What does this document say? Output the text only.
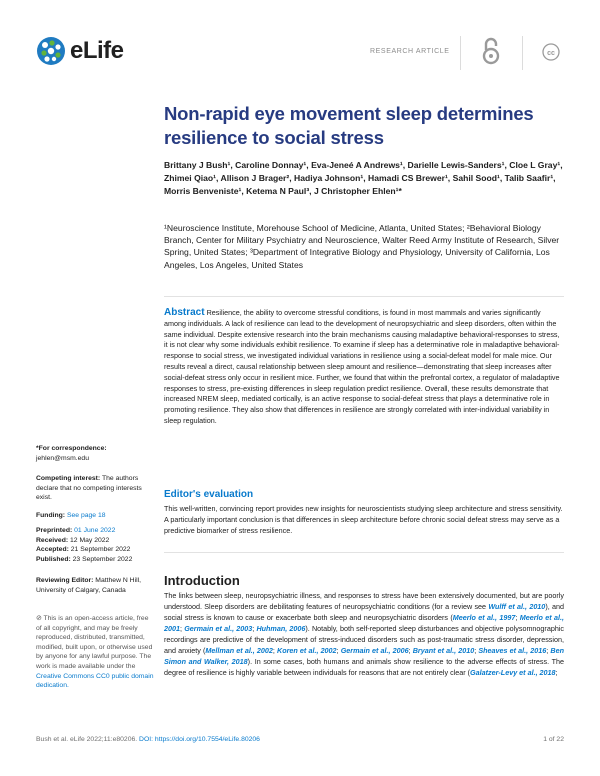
eLife	RESEARCH ARTICLE	cc
Non-rapid eye movement sleep determines resilience to social stress
Brittany J Bush¹, Caroline Donnay¹, Eva-Jeneé A Andrews¹, Darielle Lewis-Sanders¹, Cloe L Gray¹, Zhimei Qiao¹, Allison J Brager², Hadiya Johnson¹, Hamadi CS Brewer¹, Sahil Sood¹, Talib Saafir¹, Morris Benveniste¹, Ketema N Paul³, J Christopher Ehlen¹*
¹Neuroscience Institute, Morehouse School of Medicine, Atlanta, United States; ²Behavioral Biology Branch, Center for Military Psychiatry and Neuroscience, Walter Reed Army Institute of Research, Silver Spring, United States; ³Department of Integrative Biology and Physiology, University of California, Los Angeles, Los Angeles, United States
Abstract Resilience, the ability to overcome stressful conditions, is found in most mammals and varies significantly among individuals. A lack of resilience can lead to the development of neuropsychiatric and sleep disorders, often within the same individual. Despite extensive research into the brain mechanisms causing maladaptive behavioral-responses to stress, it is not clear why some individuals exhibit resilience. To examine if sleep has a determinative role in maladaptive behavioral-response to social stress, we investigated individual variations in resilience using a social-defeat model for male mice. Our results reveal a direct, causal relationship between sleep amount and resilience—demonstrating that sleep increases after social-defeat stress only occur in resilient mice. Further, we found that within the prefrontal cortex, a regulator of maladaptive responses to stress, pre-existing differences in sleep regulation predict resilience. Overall, these results demonstrate that increased NREM sleep, mediated cortically, is an active response to social-defeat stress that plays a determinative role in promoting resilience. They also show that differences in resilience are strongly correlated with inter-individual variability in sleep regulation.
Editor's evaluation
This well-written, convincing report provides new insights for neuroscientists studying sleep architecture and stress sensitivity. A particularly important conclusion is that differences in sleep architecture before chronic social defeat stress may serve as a predictive biomarker of stress resilience.
Introduction
The links between sleep, neuropsychiatric illness, and responses to stress have been extensively documented, but are poorly understood. Sleep disorders are debilitating features of neuropsychiatric conditions (for a review see Wulff et al., 2010), and social stress is known to cause or exacerbate both sleep and neuropsychiatric disorders (Meerlo et al., 1997; Meerlo et al., 2001; Germain et al., 2003; Huhman, 2006). Notably, both self-reported sleep disturbances and objective polysomnographic recordings are predictive of the development of stress-induced disorders such as post-traumatic stress disorder, depression, and anxiety (Mellman et al., 2002; Koren et al., 2002; Germain et al., 2006; Bryant et al., 2010; Sheaves et al., 2016; Ben Simon and Walker, 2018). In some cases, both humans and animals show resilience to the adverse effects of stress. The degree of resilience is highly variable between individuals for reasons that are not entirely clear (Galatzer-Levy et al., 2018;
*For correspondence:
jehlen@msm.edu
Competing interest: The authors declare that no competing interests exist.
Funding: See page 18
Preprinted: 01 June 2022
Received: 12 May 2022
Accepted: 21 September 2022
Published: 23 September 2022
Reviewing Editor: Matthew N Hill, University of Calgary, Canada
⊘ This is an open-access article, free of all copyright, and may be freely reproduced, distributed, transmitted, modified, built upon, or otherwise used by anyone for any lawful purpose. The work is made available under the Creative Commons CC0 public domain dedication.
Bush et al. eLife 2022;11:e80206. DOI: https://doi.org/10.7554/eLife.80206	1 of 22
